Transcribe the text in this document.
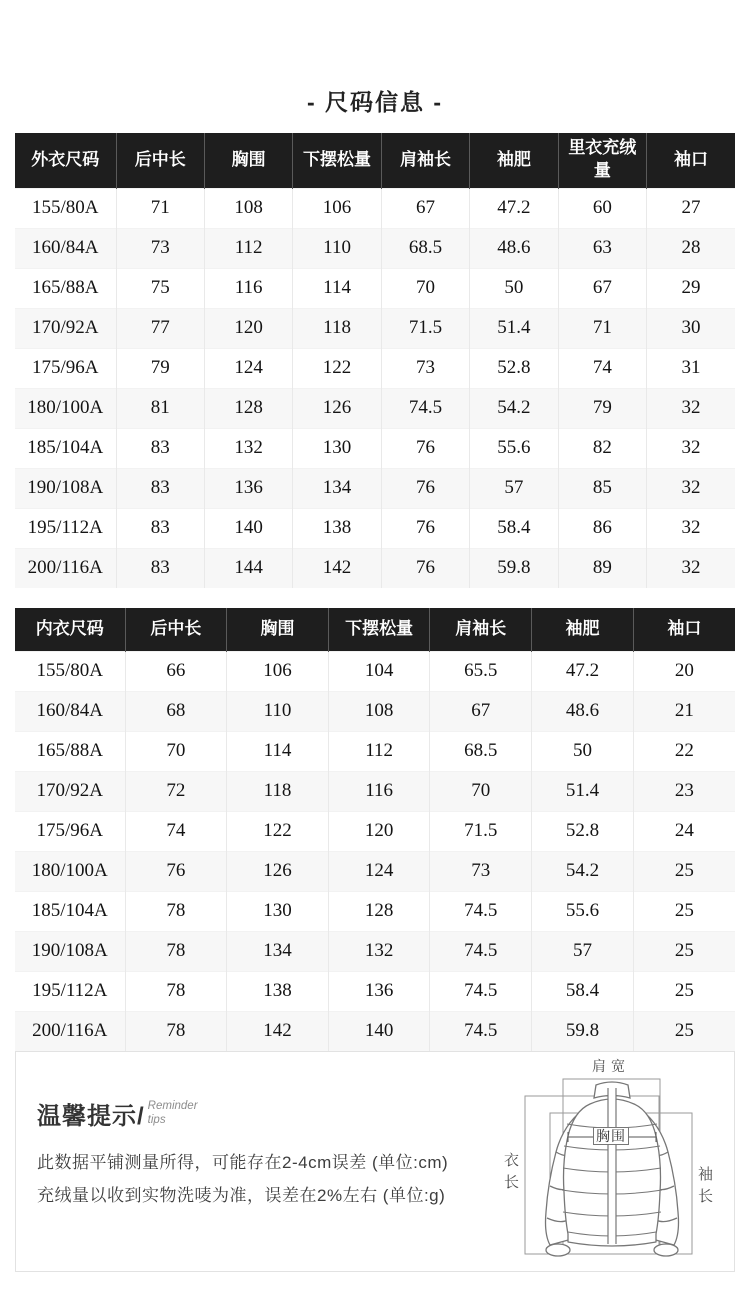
- 尺码信息 -
外衣尺码	后中长	胸围	下摆松量	肩袖长	袖肥	里衣充绒量	袖口
155/80A	71	108	106	67	47.2	60	27
160/84A	73	112	110	68.5	48.6	63	28
165/88A	75	116	114	70	50	67	29
170/92A	77	120	118	71.5	51.4	71	30
175/96A	79	124	122	73	52.8	74	31
180/100A	81	128	126	74.5	54.2	79	32
185/104A	83	132	130	76	55.6	82	32
190/108A	83	136	134	76	57	85	32
195/112A	83	140	138	76	58.4	86	32
200/116A	83	144	142	76	59.8	89	32
内衣尺码	后中长	胸围	下摆松量	肩袖长	袖肥	袖口
155/80A	66	106	104	65.5	47.2	20
160/84A	68	110	108	67	48.6	21
165/88A	70	114	112	68.5	50	22
170/92A	72	118	116	70	51.4	23
175/96A	74	122	120	71.5	52.8	24
180/100A	76	126	124	73	54.2	25
185/104A	78	130	128	74.5	55.6	25
190/108A	78	134	132	74.5	57	25
195/112A	78	138	136	74.5	58.4	25
200/116A	78	142	140	74.5	59.8	25
温馨提示/ Reminder
tips
此数据平铺测量所得，可能存在2-4cm误差 (单位:cm)
充绒量以收到实物洗唛为准，误差在2%左右 (单位:g)
肩宽
胸围
衣长	袖长
